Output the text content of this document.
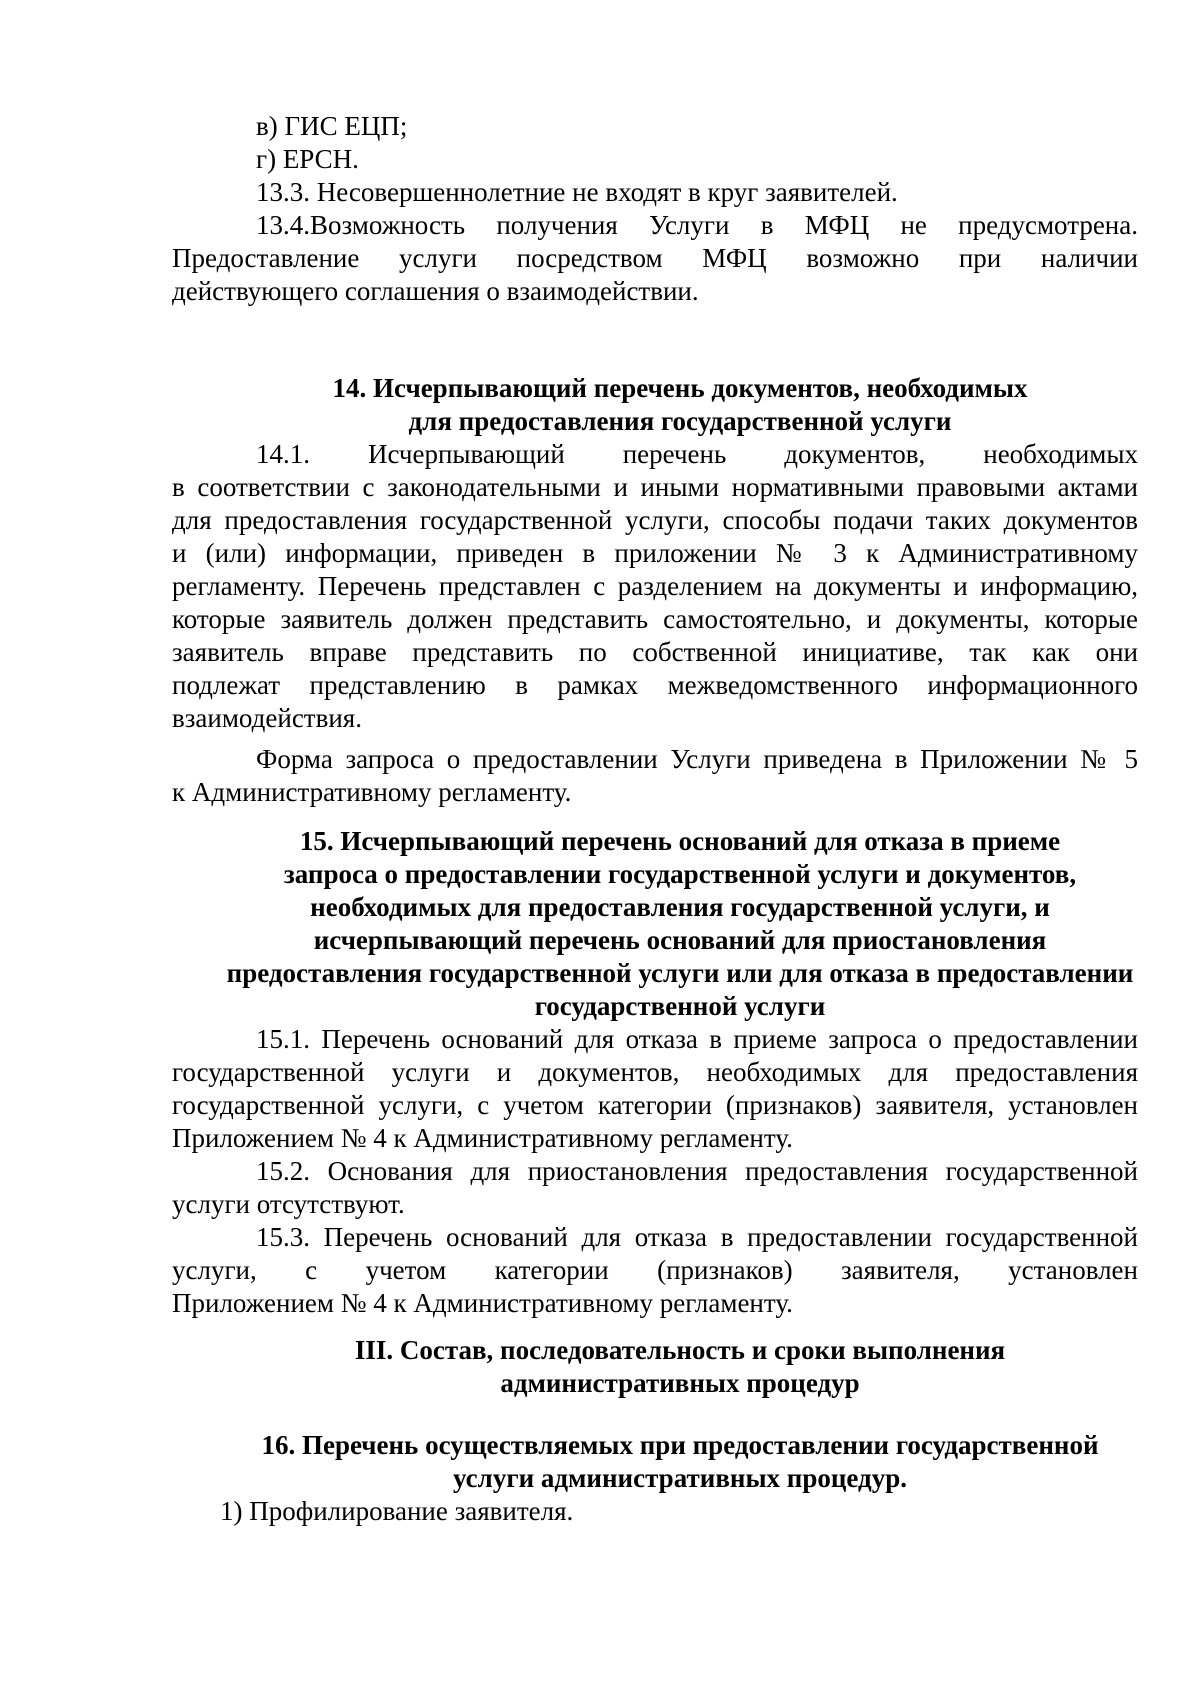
в) ГИС ЕЦП;
г) ЕРСН.
13.3. Несовершеннолетние не входят в круг заявителей.
13.4.Возможность получения Услуги в МФЦ не предусмотрена.
Предоставление услуги посредством МФЦ возможно при наличии
действующего соглашения о взаимодействии.
14. Исчерпывающий перечень документов, необходимых
для предоставления государственной услуги
14.1. Исчерпывающий перечень документов, необходимых
в соответствии с законодательными и иными нормативными правовыми актами
для предоставления государственной услуги, способы подачи таких документов
и (или) информации, приведен в приложении № 3 к Административному
регламенту. Перечень представлен с разделением на документы и информацию,
которые заявитель должен представить самостоятельно, и документы, которые
заявитель вправе представить по собственной инициативе, так как они
подлежат представлению в рамках межведомственного информационного
взаимодействия.
Форма запроса о предоставлении Услуги приведена в Приложении № 5
к Административному регламенту.
15. Исчерпывающий перечень оснований для отказа в приеме
запроса о предоставлении государственной услуги и документов,
необходимых для предоставления государственной услуги, и
исчерпывающий перечень оснований для приостановления
предоставления государственной услуги или для отказа в предоставлении
государственной услуги
15.1. Перечень оснований для отказа в приеме запроса о предоставлении
государственной услуги и документов, необходимых для предоставления
государственной услуги, с учетом категории (признаков) заявителя, установлен
Приложением № 4 к Административному регламенту.
15.2. Основания для приостановления предоставления государственной
услуги отсутствуют.
15.3. Перечень оснований для отказа в предоставлении государственной
услуги, с учетом категории (признаков) заявителя, установлен
Приложением № 4 к Административному регламенту.
III. Состав, последовательность и сроки выполнения
административных процедур
16. Перечень осуществляемых при предоставлении государственной
услуги административных процедур.
1) Профилирование заявителя.
